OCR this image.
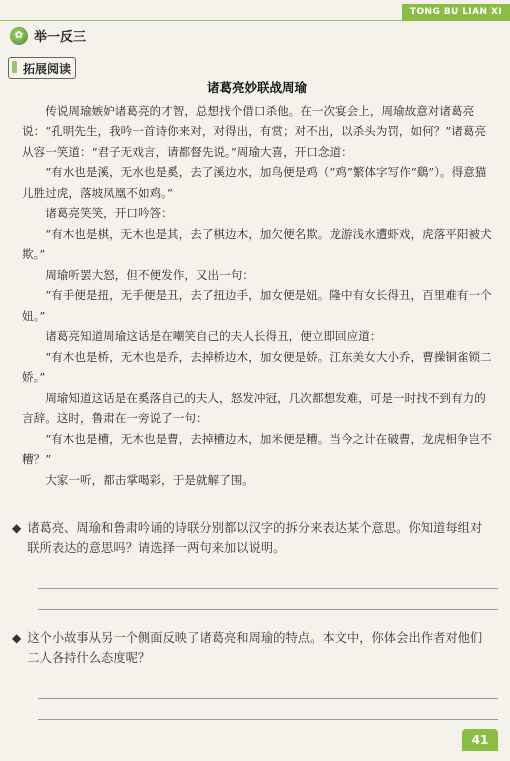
TONG BU LIAN XI
✿ 举一反三
拓展阅读
诸葛亮妙联战周瑜

传说周瑜嫉妒诸葛亮的才智，总想找个借口杀他。在一次宴会上，周瑜故意对诸葛亮说：“孔明先生，我吟一首诗你来对，对得出，有赏；对不出，以杀头为罚，如何？”诸葛亮从容一笑道：“君子无戏言，请都督先说。”周瑜大喜，开口念道：

“有水也是溪，无水也是奚，去了溪边水，加鸟便是鸡（“鸡”繁体字写作“鷄”）。得意猫儿胜过虎，落坡凤凰不如鸡。”

诸葛亮笑笑，开口吟答：

“有木也是棋，无木也是其，去了棋边木，加欠便名欺。龙游浅水遭虾戏，虎落平阳被犬欺。”

周瑜听罢大怒，但不便发作，又出一句：

“有手便是扭，无手便是丑，去了扭边手，加女便是妞。隆中有女长得丑，百里难有一个妞。”

诸葛亮知道周瑜这话是在嘲笑自己的夫人长得丑，便立即回应道：

“有木也是桥，无木也是乔，去掉桥边木，加女便是娇。江东美女大小乔，曹操铜雀锁二娇。”

周瑜知道这话是在奚落自己的夫人，怒发冲冠，几次都想发难，可是一时找不到有力的言辞。这时，鲁肃在一旁说了一句：

“有木也是槽，无木也是曹，去掉槽边木，加米便是糟。当今之计在破曹，龙虎相争岂不糟？”

大家一听，都击掌喝彩，于是就解了围。

◆ 诸葛亮、周瑜和鲁肃吟诵的诗联分别都以汉字的拆分来表达某个意思。你知道每组对联所表达的意思吗？请选择一两句来加以说明。
◆ 这个小故事从另一个侧面反映了诸葛亮和周瑜的特点。本文中，你体会出作者对他们二人各持什么态度呢？
41
